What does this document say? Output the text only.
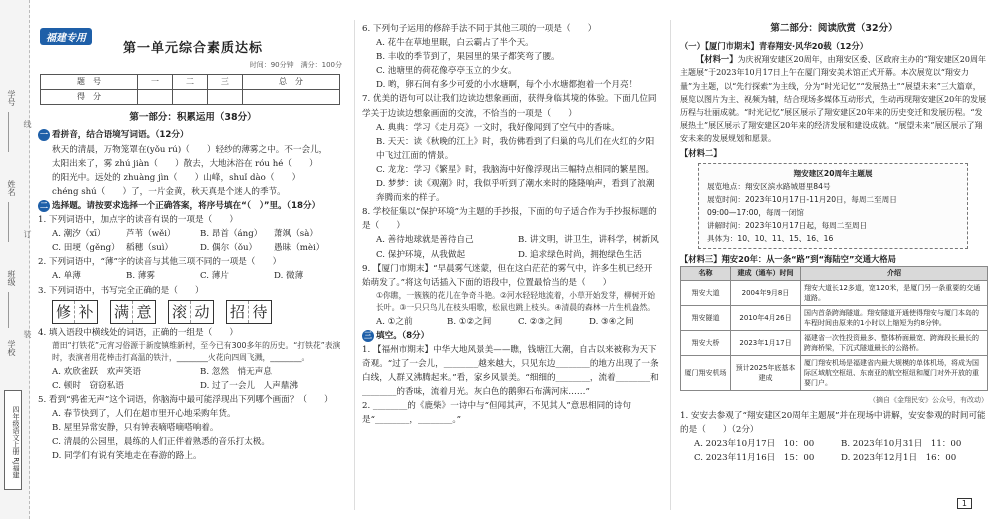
学号
姓名
班级
学校
线
订
装
四年级语文上册 RJ福建
福建专用
第一单元综合素质达标
时间：90分钟　满分：100分
题　号	一	二	三	总　分
得　分				
第一部分：积累运用（38分）
一 看拼音，结合语境写词语。（12分）
秋天的清晨，万物笼罩在(yǒu rú)（　　）轻纱的薄雾之中。不一会儿，
太阳出来了，雾 zhú jiàn（　　）散去，大地沐浴在 róu hé（　　）
的阳光中。远处的 zhuàng jìn（　　）山峰，shuǐ dào（　　）
chéng shú（　　）了，一片金黄，秋天真是个迷人的季节。
二 选择题。请按要求选择一个正确答案，将序号填在“（　）”里。（18分）
1. 下列词语中，加点字的读音有误的一项是（　　）
A. 潮汐（xī）	芦苇（wěi）	B. 昂首（áng）	萧飒（sà）
C. 田埂（gěng） 稻穗（suì）	D. 偶尔（ǒu）	愚昧（mèi）
2. 下列词语中，“薄”字的读音与其他三项不同的一项是（　　）
A. 单薄	B. 薄雾	C. 薄片	D. 微薄
3. 下列词语中，书写完全正确的是（　　）
修 补 满 意 滚 动 招 待
4. 填入语段中横线处的词语，正确的一组是（　　）
莆田“打铁花”元宵习俗源于新度镇维新村，至今已有300多年的历史。“打铁花”表演时，表演者用花棒击打高温的铁汁，________火花向四周飞溅，________。
A. 欢欣雀跃　欢声笑语	B. 忽然　悄无声息
C. 顿时　窃窃私语	D. 过了一会儿　人声鼎沸
5. 看到“鸦雀无声”这个词语，你脑海中最可能浮现出下列哪个画面？（　　）
A. 春节快到了，人们在超市里开心地采购年货。
B. 屋里异常安静，只有钟表嘀嗒嘀嗒响着。
C. 清晨的公园里，晨练的人们正伴着熟悉的音乐打太极。
D. 同学们有说有笑地走在春游的路上。
6. 下列句子运用的修辞手法不同于其他三项的一项是（　　）
A. 花牛在草地里眠，白云霸占了半个天。
B. 丰收的季节到了，果园里的果子都笑弯了腰。
C. 池塘里的荷花像亭亭玉立的少女。
D. 哟，卵石间有多少可爱的小水塘啊，每个小水塘都抱着一个月亮！
7. 优美的语句可以让我们边读边想象画面，获得身临其境的体验。下面几位同学关于边读边想象画面的交流，不恰当的一项是（　　）
A. 典典：学习《走月亮》一文时，我好像闻到了空气中的香味。
B. 天天：读《秋晚的江上》时，我仿佛看到了归巢的鸟儿们在火红的夕阳中飞过江面的情景。
C. 龙龙：学习《繁星》时，我脑海中好像浮现出三幅特点相同的繁星图。
D. 梦梦：读《观潮》时，我似乎听到了潮水来时的隆隆响声，看到了浪潮奔腾而来的样子。
8. 学校征集以“保护环境”为主题的手抄报，下面的句子适合作为手抄报标题的是（　　）
A. 善待地球就是善待自己	B. 讲文明，讲卫生，讲科学，树新风
C. 保护环境，从我做起	D. 追求绿色时尚，拥抱绿色生活
9. 【厦门市期末】“早晨雾气迷蒙，但在这白茫茫的雾气中，许多生机已经开始萌发了。”将这句话插入下面的语段中，位置最恰当的是（　　）
①你瞧，一簇簇的花儿在争奇斗艳。②河水轻轻地流着，小草开始发芽，柳树开始长叶。③一只只鸟儿在枝头唱歌，松鼠也跳上枝头。④清晨的森林一片生机盎然。
A. ①之前	B. ①②之间	C. ②③之间	D. ③④之间
三 填空。（8分）
1. 【福州市期末】中华大地风景美——瞧，钱塘江大潮，自古以来被称为天下奇观。“过了一会儿，________越来越大，只见东边________的地方出现了一条白线，人群又沸腾起来。”看，家乡风景美。“细细的________，流着________和________的香味，流着月光。灰白色的鹅卵石布满河床……”
2. ________的《鹿柴》一诗中与“但闻其声，不见其人”意思相同的诗句是“________，________。”
第二部分：阅读欣赏（32分）
（一）【厦门市期末】青春翔安·风华20载（12分）
【材料一】为庆祝翔安建区20周年，由翔安区委、区政府主办的“翔安建区20周年主题展”于2023年10月17日上午在厦门翔安美术馆正式开幕。本次展览以“翔安力量”为主题，以“先行探索”为主线，分为“时光记忆”“发展热土”“展望未来”三大篇章，展览以图片为主、视频为辅，结合现场多媒体互动形式，生动再现翔安建区20年的发展历程与壮丽成就。“时光记忆”展区展示了翔安建区20年来的历史变迁和发展历程。“发展热土”展区展示了翔安建区20年来的经济发展和建设成就。“展望未来”展区展示了翔安未来的发展规划和愿景。
【材料二】
翔安建区20周年主题展
展览地点：翔安区滨水路城厝里84号
展览时间：2023年10月17日-11月20日，每周二至周日
09:00—17:00，每周一闭馆
讲解时间：2023年10月17日起，每周二至周日
具体为：10、10、11、15、16、16
【材料三】翔安20年：从一条“路”到“海陆空”交通大格局
名称	建成（通车）时间	介绍
翔安大道	2004年9月8日	翔安大道长12多道，宽120米，是厦门另一条重要的交通道路。
翔安隧道	2010年4月26日	国内首条跨海隧道。翔安隧道开通使得翔安与厦门本岛的车程时间由原来的1小时以上缩短为约8分钟。
翔安大桥	2023年1月17日	福建省一次性投资最多、整体桥面最宽、跨海段长最长的跨海桥梁，下沉式隧道最长的公路桥。
厦门翔安机场	预计2025年底基本建成	厦门翔安机场是福建省内最大规模的单体机场，将成为国际区域航空枢纽、东南亚的航空枢纽和厦门对外开放的重要门户。
（摘自《金翔民安》公众号，有改动）
1. 安安去参观了“翔安建区20周年主题展”并在现场中讲解，安安参观的时间可能的是（　　）（2分）
A. 2023年10月17日　10：00	B. 2023年10月31日　11：00
C. 2023年11月16日　15：00	D. 2023年12月1日　16：00
1
